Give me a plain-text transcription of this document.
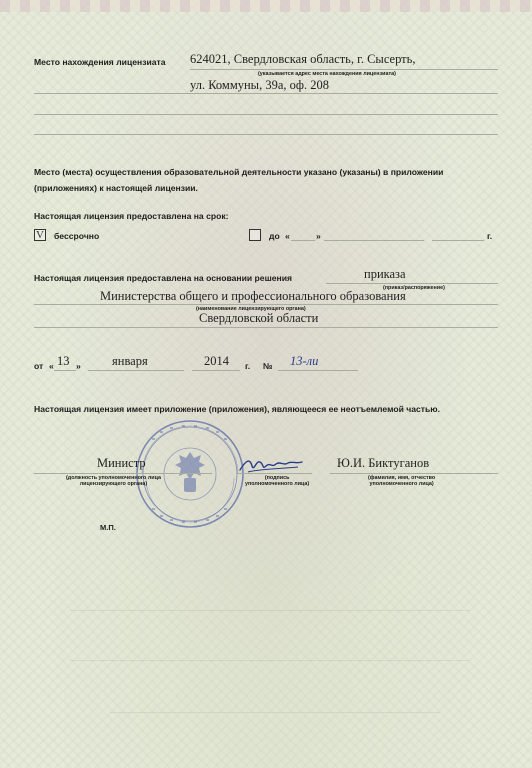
Место нахождения лицензиата 624021, Свердловская область, г. Сысерть,
(указывается адрес места нахождения лицензиата)
ул. Коммуны, 39а, оф. 208
Место (места) осуществления образовательной деятельности указано (указаны) в приложении
(приложениях) к настоящей лицензии.
Настоящая лицензия предоставлена на срок:
V бессрочно	до «	»	г.
Настоящая лицензия предоставлена на основании решения	приказа
(приказ/распоряжение)
Министерства общего и профессионального образования
(наименование лицензирующего органа)
Свердловской области
от « 13 » января	2014 г. № 13-ли
Настоящая лицензия имеет приложение (приложения), являющееся ее неотъемлемой частью.
Министр
(должность уполномоченного лица
лицензирующего органа)
(подпись
уполномоченного лица)
Ю.И. Биктуганов
(фамилия, имя, отчество
уполномоченного лица)
М.П.
